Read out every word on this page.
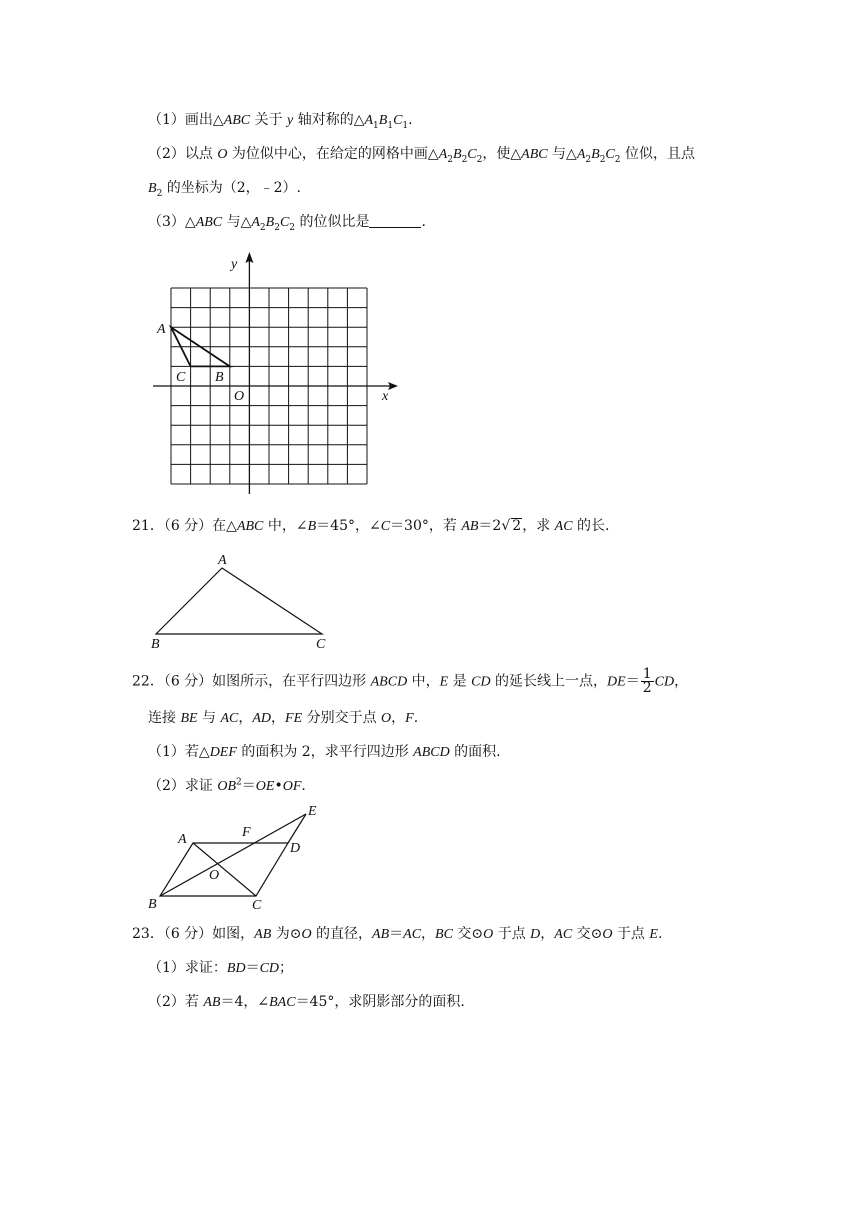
（1）画出△ABC 关于 y 轴对称的$\triangle A_1B_1C_1$.
（2）以点 O 为位似中心，在给定的网格中画$\triangle A_2B_2C_2$，使△ABC 与$\triangle A_2B_2C_2$ 位似，且点
$B_2$ 的坐标为（2，﹣2）.
（3）△ABC 与$\triangle A_2B_2C_2$ 的位似比是	.
y
x
O
A
C B
21．（6 分）在△ABC 中，∠B＝45°，∠C＝30°，若 AB＝2√ 2，求 AC 的长.
A
B	C
22．（6 分）如图所示，在平行四边形 ABCD 中，E 是 CD 的延长线上一点，$DE= \frac{1}{2}$ CD，
连接 BE 与 AC，AD，FE 分别交于点 O，F.
（1）若△DEF 的面积为 2，求平行四边形 ABCD 的面积.
（2）求证 $OB^2=OE•OF$.
A	F
E
D
O
B	C
23．（6 分）如图，AB 为⊙O 的直径，AB＝AC，BC 交⊙O 于点 D，AC 交⊙O 于点 E.
（1）求证：BD＝CD；
（2）若 AB＝4，∠BAC＝45°，求阴影部分的面积.
